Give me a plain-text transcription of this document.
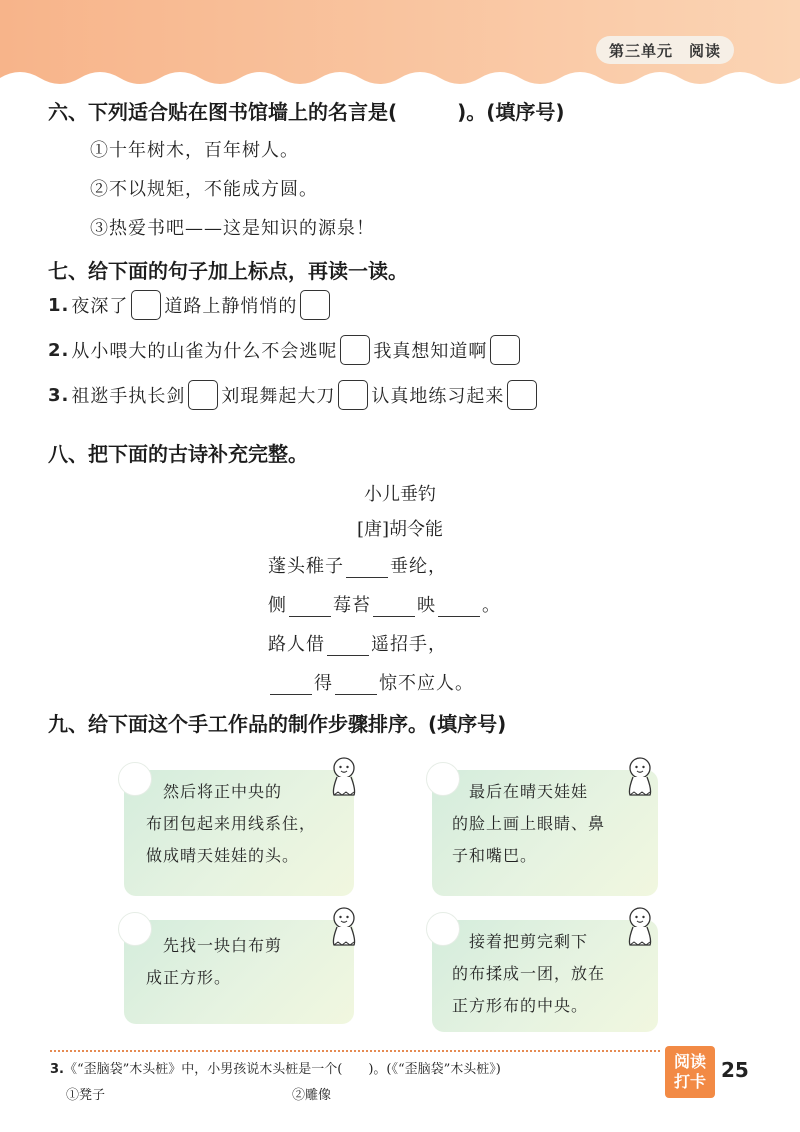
第三单元　阅读
六、下列适合贴在图书馆墙上的名言是(　　　)。(填序号)
①十年树木，百年树人。
②不以规矩，不能成方圆。
③热爱书吧——这是知识的源泉！
七、给下面的句子加上标点，再读一读。
1. 夜深了 道路上静悄悄的
2. 从小喂大的山雀为什么不会逃呢 我真想知道啊
3. 祖逖手执长剑 刘琨舞起大刀 认真地练习起来
八、把下面的古诗补充完整。
小儿垂钓
[唐]胡令能
蓬头稚子	垂纶，
侧	莓苔	映	。
路人借	遥招手，
得	惊不应人。
九、给下面这个手工作品的制作步骤排序。(填序号)
　然后将正中央的
布团包起来用线系住，
做成晴天娃娃的头。
　最后在晴天娃娃
的脸上画上眼睛、鼻
子和嘴巴。
　先找一块白布剪
成正方形。
　接着把剪完剩下
的布揉成一团，放在
正方形布的中央。
3.《“歪脑袋”木头桩》中，小男孩说木头桩是一个(　　)。(《“歪脑袋”木头桩》)
①凳子	②雕像
阅读
打卡 25
